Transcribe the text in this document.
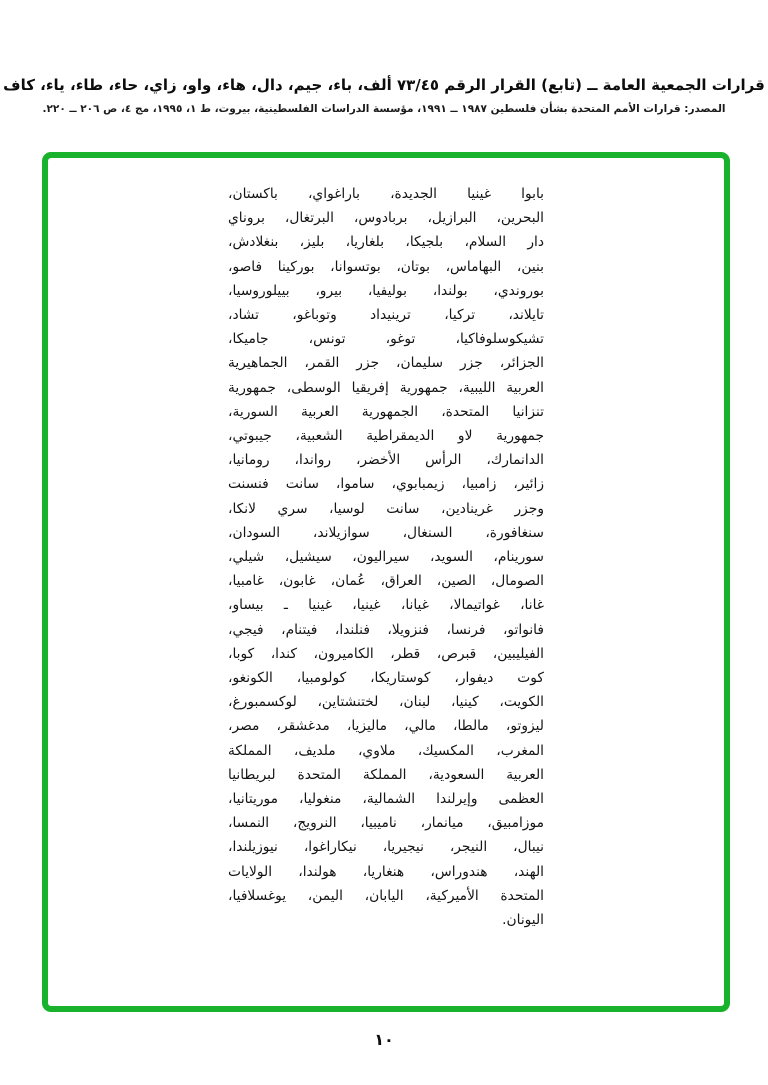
قرارات الجمعية العامة ــ (تابع) القرار الرقم ٧٣/٤٥ ألف، باء، جيم، دال، هاء، واو، زاي، حاء، طاء، ياء، كاف
المصدر: قرارات الأمم المتحدة بشأن فلسطين ١٩٨٧ ــ ١٩٩١، مؤسسة الدراسات الفلسطينية، بيروت، ط ١، ١٩٩٥، مج ٤، ص ٢٠٦ ــ ٢٢٠.
بابوا غينيا الجديدة، باراغواي، باكستان،
البحرين، البرازيل، بربادوس، البرتغال، بروناي
دار السلام، بلجيكا، بلغاريا، بليز، بنغلادش،
بنين، البهاماس، بوتان، بوتسوانا، بوركينا فاصو،
بوروندي، بولندا، بوليفيا، بيرو، بييلوروسيا،
تايلاند، تركيا، ترينيداد وتوباغو، تشاد،
تشيكوسلوفاكيا، توغو، تونس، جاميكا،
الجزائر، جزر سليمان، جزر القمر، الجماهيرية
العربية الليبية، جمهورية إفريقيا الوسطى، جمهورية
تنزانيا المتحدة، الجمهورية العربية السورية،
جمهورية لاو الديمقراطية الشعبية، جيبوتي،
الدانمارك، الرأس الأخضر، رواندا، رومانيا،
زائير، زامبيا، زيمبابوي، ساموا، سانت فنسنت
وجزر غرينادين، سانت لوسيا، سري لانكا،
سنغافورة، السنغال، سوازيلاند، السودان،
سورينام، السويد، سيراليون، سيشيل، شيلي،
الصومال، الصين، العراق، عُمان، غابون، غامبيا،
غانا، غواتيمالا، غيانا، غينيا، غينيا ـ بيساو،
فانواتو، فرنسا، فنزويلا، فنلندا، فيتنام، فيجي،
الفيليبين، قبرص، قطر، الكاميرون، كندا، كوبا،
كوت ديفوار، كوستاريكا، كولومبيا، الكونغو،
الكويت، كينيا، لبنان، لختنشتاين، لوكسمبورغ،
ليزوتو، مالطا، مالي، ماليزيا، مدغشقر، مصر،
المغرب، المكسيك، ملاوي، ملديف، المملكة
العربية السعودية، المملكة المتحدة لبريطانيا
العظمى وإيرلندا الشمالية، منغوليا، موريتانيا،
موزامبيق، ميانمار، ناميبيا، النرويج، النمسا،
نيبال، النيجر، نيجيريا، نيكاراغوا، نيوزيلندا،
الهند، هندوراس، هنغاريا، هولندا، الولايات
المتحدة الأميركية، اليابان، اليمن، يوغسلافيا،
اليونان.
١٠
